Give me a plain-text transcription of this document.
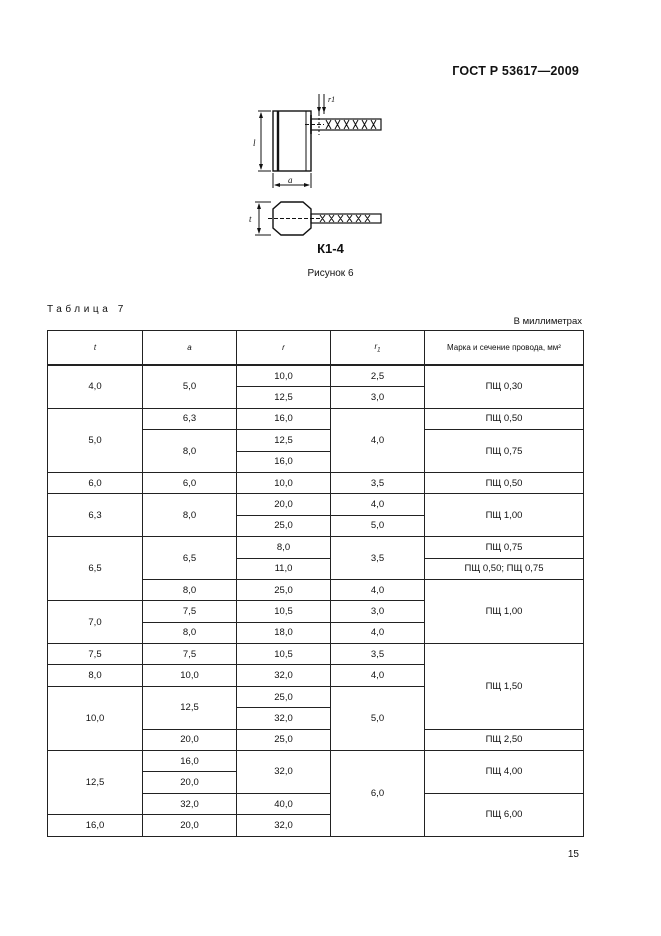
ГОСТ Р 53617—2009
l
a
r1
t
К1-4
Рисунок 6
Таблица 7
В миллиметрах
t	a	r	$r_1$	Марка и сечение провода, мм²
4,0	5,0	10,0	2,5	ПЩ 0,30
		12,5	3,0	
5,0	6,3	16,0	4,0	ПЩ 0,50
	8,0	12,5		ПЩ 0,75
		16,0		
6,0	6,0	10,0	3,5	ПЩ 0,50
6,3	8,0	20,0	4,0	ПЩ 1,00
		25,0	5,0	
6,5	6,5	8,0	3,5	ПЩ 0,75
		11,0		ПЩ 0,50; ПЩ 0,75
	8,0	25,0	4,0	ПЩ 1,00
7,0	7,5	10,5	3,0	
	8,0	18,0	4,0	
7,5	7,5	10,5	3,5	ПЩ 1,50
8,0	10,0	32,0	4,0	
10,0	12,5	25,0	5,0	
		32,0		
	20,0	25,0		ПЩ 2,50
12,5	16,0	32,0	6,0	ПЩ 4,00
	20,0			
	32,0	40,0		ПЩ 6,00
16,0	20,0	32,0		
15
